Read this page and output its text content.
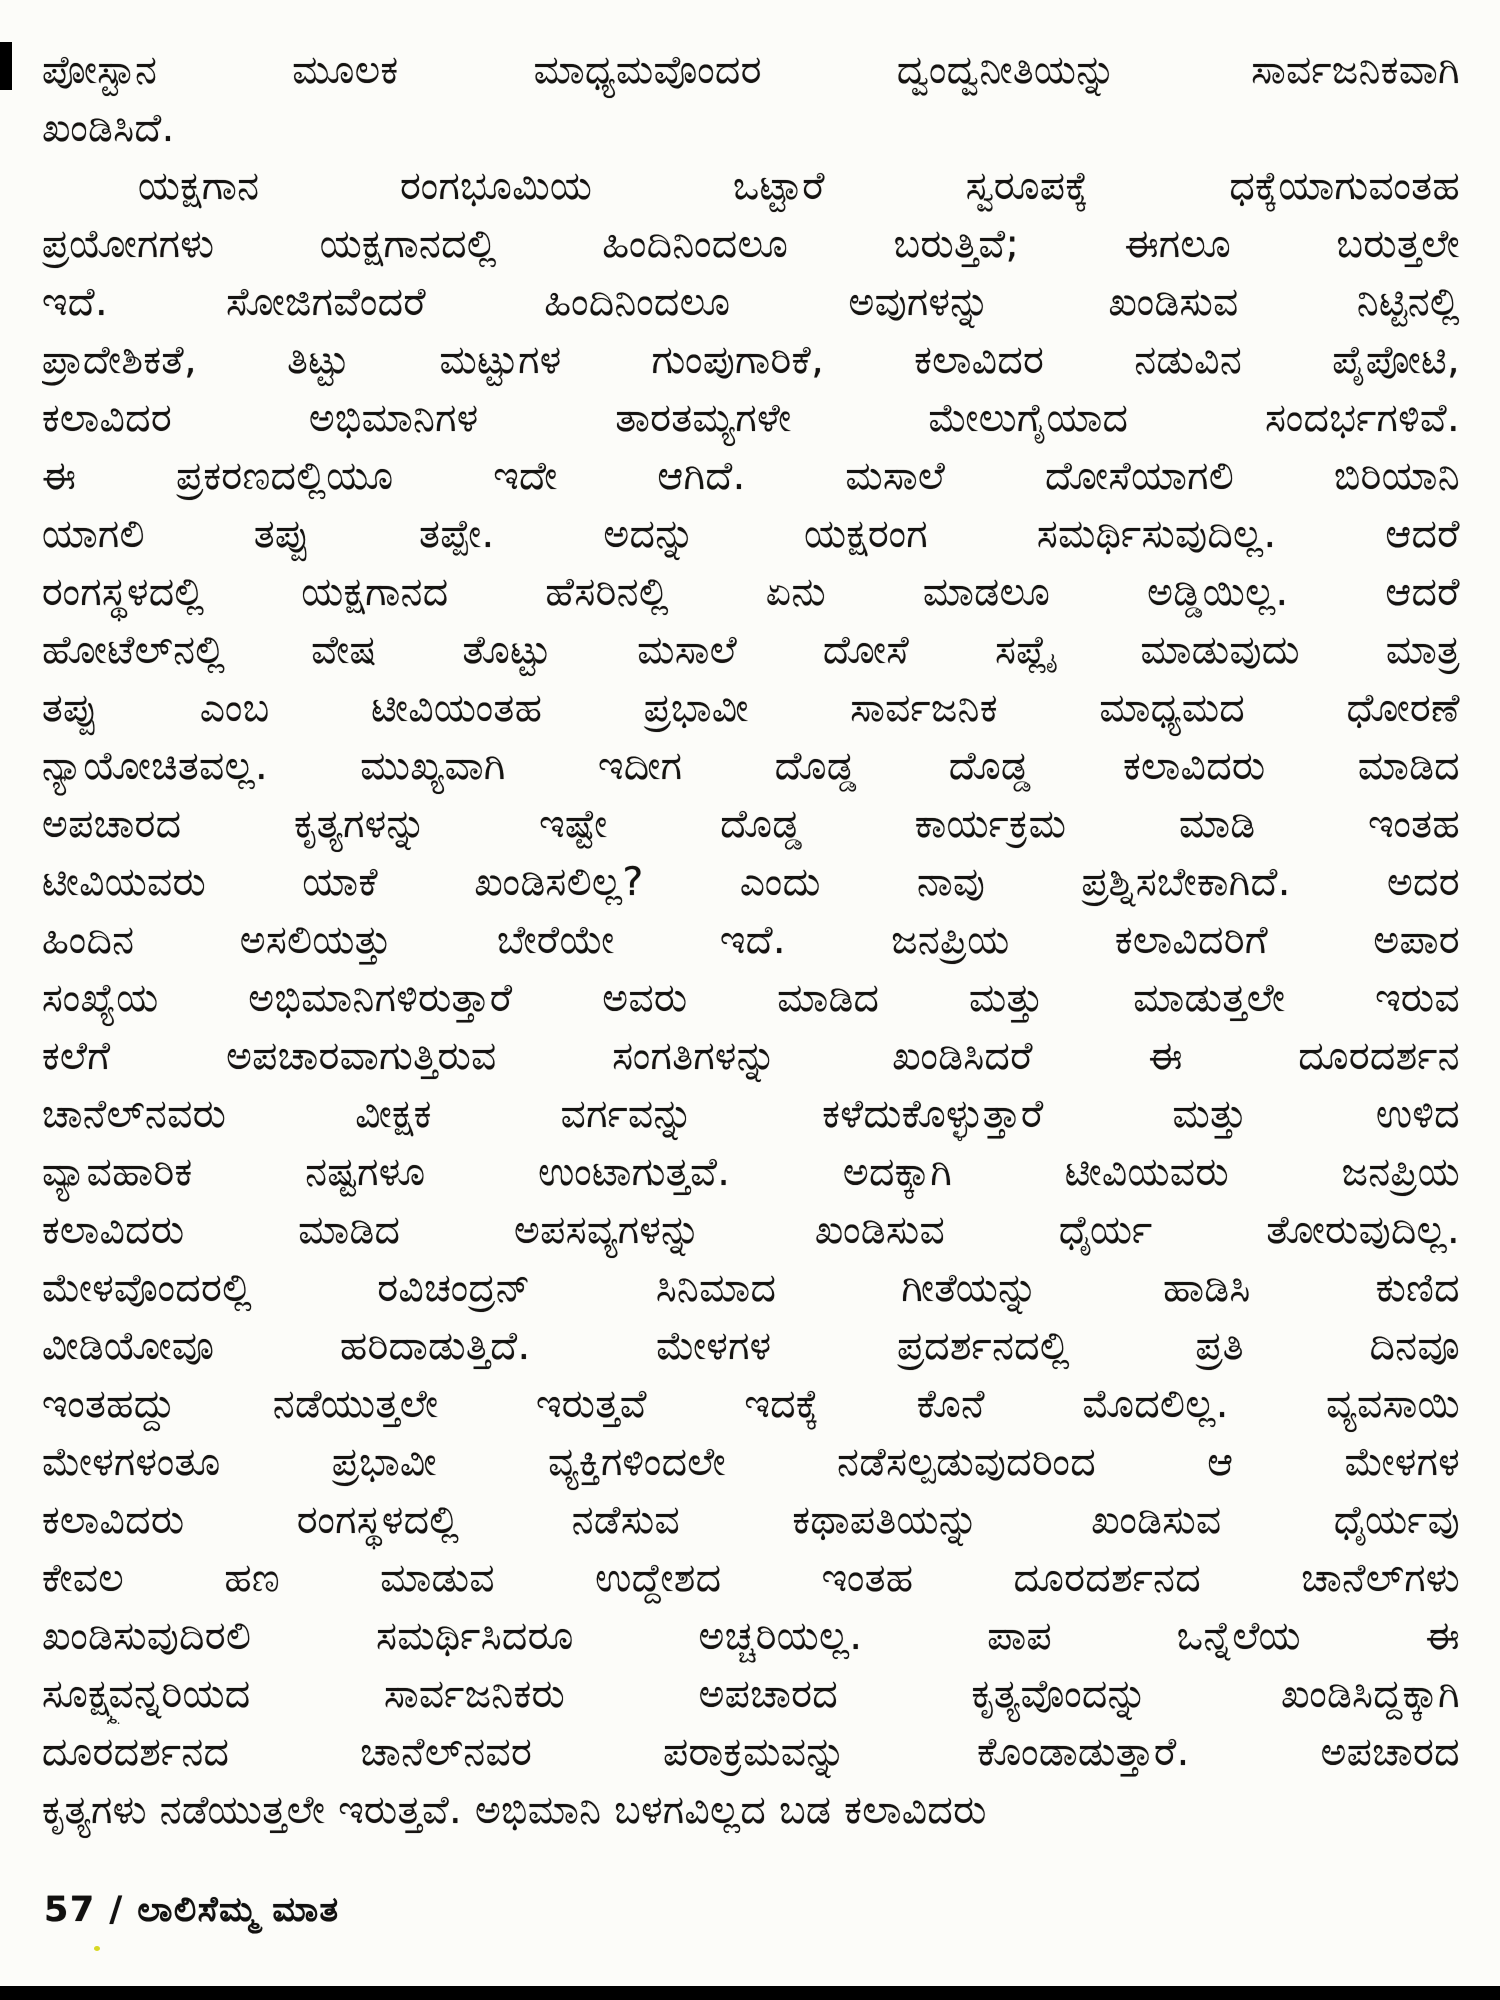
ಪೋಸ್ಟಾನ ಮೂಲಕ ಮಾಧ್ಯಮವೊಂದರ ದ್ವಂದ್ವನೀತಿಯನ್ನು ಸಾರ್ವಜನಿಕವಾಗಿ
ಖಂಡಿಸಿದೆ.
ಯಕ್ಷಗಾನ ರಂಗಭೂಮಿಯ ಒಟ್ಟಾರೆ ಸ್ವರೂಪಕ್ಕೆ ಧಕ್ಕೆಯಾಗುವಂತಹ
ಪ್ರಯೋಗಗಳು ಯಕ್ಷಗಾನದಲ್ಲಿ ಹಿಂದಿನಿಂದಲೂ ಬರುತ್ತಿವೆ; ಈಗಲೂ ಬರುತ್ತಲೇ
ಇದೆ. ಸೋಜಿಗವೆಂದರೆ ಹಿಂದಿನಿಂದಲೂ ಅವುಗಳನ್ನು ಖಂಡಿಸುವ ನಿಟ್ಟಿನಲ್ಲಿ
ಪ್ರಾದೇಶಿಕತೆ, ತಿಟ್ಟು ಮಟ್ಟುಗಳ ಗುಂಪುಗಾರಿಕೆ, ಕಲಾವಿದರ ನಡುವಿನ ಪೈಪೋಟಿ,
ಕಲಾವಿದರ ಅಭಿಮಾನಿಗಳ ತಾರತಮ್ಯಗಳೇ ಮೇಲುಗೈಯಾದ ಸಂದರ್ಭಗಳಿವೆ.
ಈ ಪ್ರಕರಣದಲ್ಲಿಯೂ ಇದೇ ಆಗಿದೆ. ಮಸಾಲೆ ದೋಸೆಯಾಗಲಿ ಬಿರಿಯಾನಿ
ಯಾಗಲಿ ತಪ್ಪು ತಪ್ಪೇ. ಅದನ್ನು ಯಕ್ಷರಂಗ ಸಮರ್ಥಿಸುವುದಿಲ್ಲ. ಆದರೆ
ರಂಗಸ್ಥಳದಲ್ಲಿ ಯಕ್ಷಗಾನದ ಹೆಸರಿನಲ್ಲಿ ಏನು ಮಾಡಲೂ ಅಡ್ಡಿಯಿಲ್ಲ. ಆದರೆ
ಹೋಟೆಲ್‌ನಲ್ಲಿ ವೇಷ ತೊಟ್ಟು ಮಸಾಲೆ ದೋಸೆ ಸಪ್ಲೈ ಮಾಡುವುದು ಮಾತ್ರ
ತಪ್ಪು ಎಂಬ ಟೀವಿಯಂತಹ ಪ್ರಭಾವೀ ಸಾರ್ವಜನಿಕ ಮಾಧ್ಯಮದ ಧೋರಣೆ
ನ್ಯಾಯೋಚಿತವಲ್ಲ. ಮುಖ್ಯವಾಗಿ ಇದೀಗ ದೊಡ್ಡ ದೊಡ್ಡ ಕಲಾವಿದರು ಮಾಡಿದ
ಅಪಚಾರದ ಕೃತ್ಯಗಳನ್ನು ಇಷ್ಟೇ ದೊಡ್ಡ ಕಾರ್ಯಕ್ರಮ ಮಾಡಿ ಇಂತಹ
ಟೀವಿಯವರು ಯಾಕೆ ಖಂಡಿಸಲಿಲ್ಲ? ಎಂದು ನಾವು ಪ್ರಶ್ನಿಸಬೇಕಾಗಿದೆ. ಅದರ
ಹಿಂದಿನ ಅಸಲಿಯತ್ತು ಬೇರೆಯೇ ಇದೆ. ಜನಪ್ರಿಯ ಕಲಾವಿದರಿಗೆ ಅಪಾರ
ಸಂಖ್ಯೆಯ ಅಭಿಮಾನಿಗಳಿರುತ್ತಾರೆ ಅವರು ಮಾಡಿದ ಮತ್ತು ಮಾಡುತ್ತಲೇ ಇರುವ
ಕಲೆಗೆ ಅಪಚಾರವಾಗುತ್ತಿರುವ ಸಂಗತಿಗಳನ್ನು ಖಂಡಿಸಿದರೆ ಈ ದೂರದರ್ಶನ
ಚಾನೆಲ್‌ನವರು ವೀಕ್ಷಕ ವರ್ಗವನ್ನು ಕಳೆದುಕೊಳ್ಳುತ್ತಾರೆ ಮತ್ತು ಉಳಿದ
ವ್ಯಾವಹಾರಿಕ ನಷ್ಟಗಳೂ ಉಂಟಾಗುತ್ತವೆ. ಅದಕ್ಕಾಗಿ ಟೀವಿಯವರು ಜನಪ್ರಿಯ
ಕಲಾವಿದರು ಮಾಡಿದ ಅಪಸವ್ಯಗಳನ್ನು ಖಂಡಿಸುವ ಧೈರ್ಯ ತೋರುವುದಿಲ್ಲ.
ಮೇಳವೊಂದರಲ್ಲಿ ರವಿಚಂದ್ರನ್ ಸಿನಿಮಾದ ಗೀತೆಯನ್ನು ಹಾಡಿಸಿ ಕುಣಿದ
ವೀಡಿಯೋವೂ ಹರಿದಾಡುತ್ತಿದೆ. ಮೇಳಗಳ ಪ್ರದರ್ಶನದಲ್ಲಿ ಪ್ರತಿ ದಿನವೂ
ಇಂತಹದ್ದು ನಡೆಯುತ್ತಲೇ ಇರುತ್ತವೆ ಇದಕ್ಕೆ ಕೊನೆ ಮೊದಲಿಲ್ಲ. ವ್ಯವಸಾಯಿ
ಮೇಳಗಳಂತೂ ಪ್ರಭಾವೀ ವ್ಯಕ್ತಿಗಳಿಂದಲೇ ನಡೆಸಲ್ಪಡುವುದರಿಂದ ಆ ಮೇಳಗಳ
ಕಲಾವಿದರು ರಂಗಸ್ಥಳದಲ್ಲಿ ನಡೆಸುವ ಕಥಾಪತಿಯನ್ನು ಖಂಡಿಸುವ ಧೈರ್ಯವು
ಕೇವಲ ಹಣ ಮಾಡುವ ಉದ್ದೇಶದ ಇಂತಹ ದೂರದರ್ಶನದ ಚಾನೆಲ್‌ಗಳು
ಖಂಡಿಸುವುದಿರಲಿ ಸಮರ್ಥಿಸಿದರೂ ಅಚ್ಚರಿಯಲ್ಲ. ಪಾಪ ಒನ್ನೆಲೆಯ ಈ
ಸೂಕ್ಷ್ಮವನ್ನರಿಯದ ಸಾರ್ವಜನಿಕರು ಅಪಚಾರದ ಕೃತ್ಯವೊಂದನ್ನು ಖಂಡಿಸಿದ್ದಕ್ಕಾಗಿ
ದೂರದರ್ಶನದ ಚಾನೆಲ್‌ನವರ ಪರಾಕ್ರಮವನ್ನು ಕೊಂಡಾಡುತ್ತಾರೆ. ಅಪಚಾರದ
ಕೃತ್ಯಗಳು ನಡೆಯುತ್ತಲೇ ಇರುತ್ತವೆ. ಅಭಿಮಾನಿ ಬಳಗವಿಲ್ಲದ ಬಡ ಕಲಾವಿದರು
57 / ಲಾಲಿಸೆಮ್ಮ ಮಾತ
